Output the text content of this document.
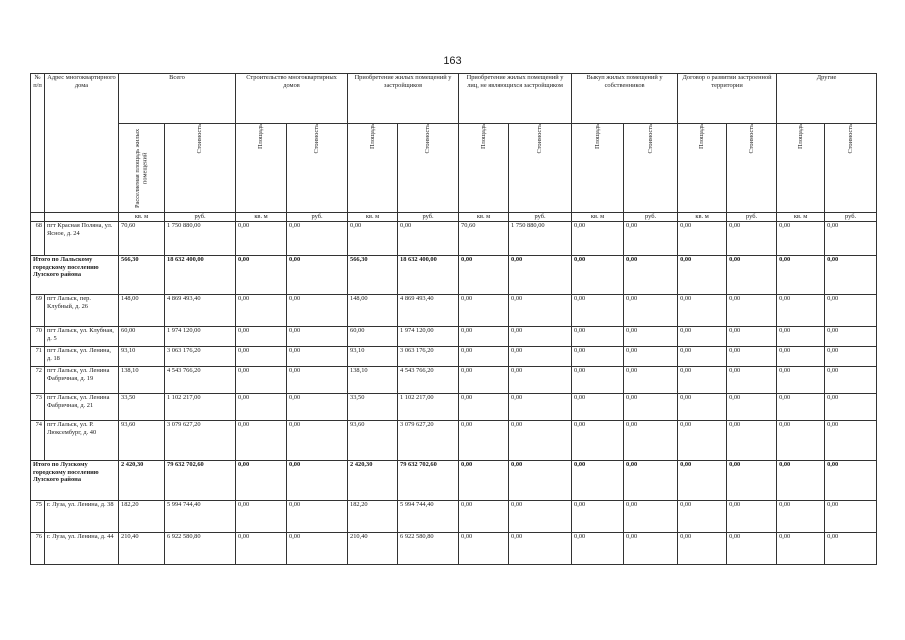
163
№ п/п	Адрес многоквартирного дома	Всего		Строительство многоквартирных домов		Приобретение жилых помещений у застройщиков		Приобретение жилых помещений у лиц, не являющихся застройщиком		Выкуп жилых помещений у собственников		Договор о развитии застроенной территории		Другие	

		Расселяемая площадь жилых помещений	Стоимость	Площадь	Стоимость	Площадь	Стоимость	Площадь	Стоимость	Площадь	Стоимость	Площадь	Стоимость	Площадь	Стоимость

		кв. м	руб.	кв. м	руб.	кв. м	руб.	кв. м	руб.	кв. м	руб.	кв. м	руб.	кв. м	руб.
68	пгт Красная Поляна, ул. Ясное, д. 24	70,60	1 750 880,00	0,00	0,00	0,00	0,00	70,60	1 750 880,00	0,00	0,00	0,00	0,00	0,00	0,00
Итого по Лальскому городскому поселению Лузского района		566,30	18 632 400,00	0,00	0,00	566,30	18 632 400,00	0,00	0,00	0,00	0,00	0,00	0,00	0,00	0,00
69	пгт Лальск, пер. Клубный, д. 26	148,00	4 869 493,40	0,00	0,00	148,00	4 869 493,40	0,00	0,00	0,00	0,00	0,00	0,00	0,00	0,00
70	пгт Лальск, ул. Клубная, д. 5	60,00	1 974 120,00	0,00	0,00	60,00	1 974 120,00	0,00	0,00	0,00	0,00	0,00	0,00	0,00	0,00
71	пгт Лальск, ул. Ленина, д. 18	93,10	3 063 176,20	0,00	0,00	93,10	3 063 176,20	0,00	0,00	0,00	0,00	0,00	0,00	0,00	0,00
72	пгт Лальск, ул. Ленина Фабричная, д. 19	138,10	4 543 766,20	0,00	0,00	138,10	4 543 766,20	0,00	0,00	0,00	0,00	0,00	0,00	0,00	0,00
73	пгт Лальск, ул. Ленина Фабричная, д. 21	33,50	1 102 217,00	0,00	0,00	33,50	1 102 217,00	0,00	0,00	0,00	0,00	0,00	0,00	0,00	0,00
74	пгт Лальск, ул. Р. Люксембург, д. 40	93,60	3 079 627,20	0,00	0,00	93,60	3 079 627,20	0,00	0,00	0,00	0,00	0,00	0,00	0,00	0,00
Итого по Лузскому городскому поселению Лузского района		2 420,30	79 632 702,60	0,00	0,00	2 420,30	79 632 702,60	0,00	0,00	0,00	0,00	0,00	0,00	0,00	0,00
75	г. Луза, ул. Ленина, д. 38	182,20	5 994 744,40	0,00	0,00	182,20	5 994 744,40	0,00	0,00	0,00	0,00	0,00	0,00	0,00	0,00
76	г. Луза, ул. Ленина, д. 44	210,40	6 922 580,80	0,00	0,00	210,40	6 922 580,80	0,00	0,00	0,00	0,00	0,00	0,00	0,00	0,00
